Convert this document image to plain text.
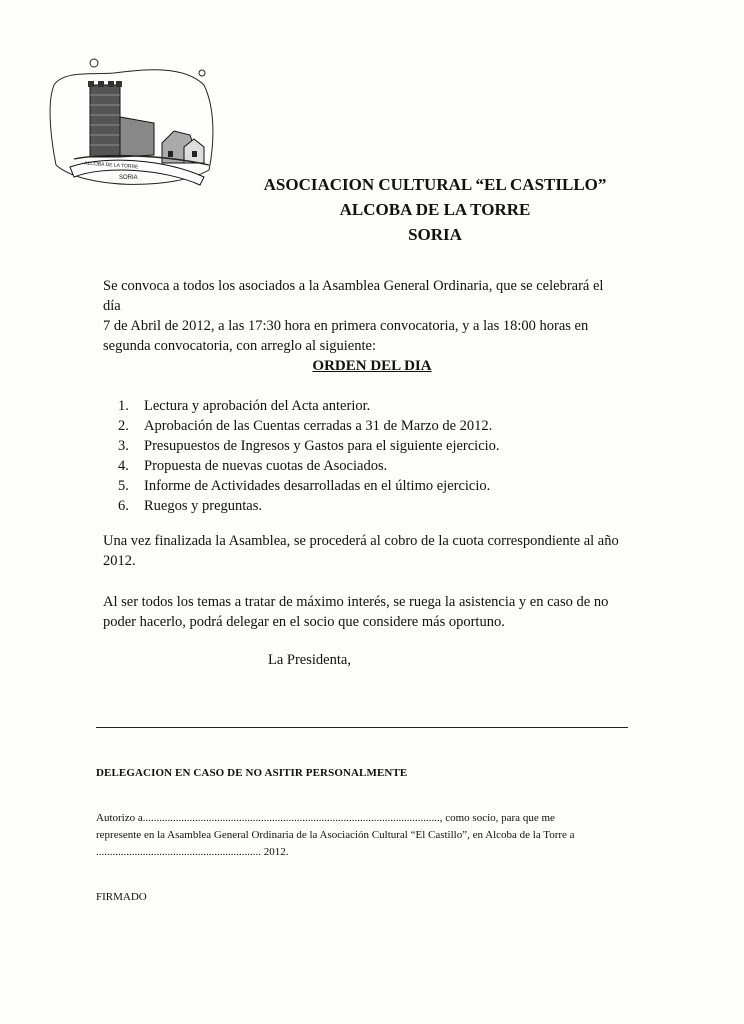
ALCOBA DE LA TORRE
SORIA	ASOCIACION CULTURAL “EL CASTILLO”
ALCOBA DE LA TORRE
SORIA
Se convoca a todos los asociados a la Asamblea General Ordinaria, que se celebrará el día
7 de Abril de 2012, a las 17:30 hora en primera convocatoria, y a las 18:00 horas en
segunda convocatoria, con arreglo al siguiente:
ORDEN DEL DIA
1.	Lectura y aprobación del Acta anterior.
2.	Aprobación de las Cuentas cerradas a 31 de Marzo de 2012.
3.	Presupuestos de Ingresos y Gastos para el siguiente ejercicio.
4.	Propuesta de nuevas cuotas de Asociados.
5.	Informe de Actividades desarrolladas en el último ejercicio.
6.	Ruegos y preguntas.
Una vez finalizada la Asamblea, se procederá al cobro de la cuota correspondiente al año
2012.
Al ser todos los temas a tratar de máximo interés, se ruega la asistencia y en caso de no
poder hacerlo, podrá delegar en el socio que considere más oportuno.
La Presidenta,
DELEGACION EN CASO DE NO ASITIR PERSONALMENTE
Autorizo a............................................................................................................, como socio, para que me
represente en la Asamblea General Ordinaria de la Asociación Cultural “El Castillo”, en Alcoba de la Torre a
............................................................ 2012.
FIRMADO
